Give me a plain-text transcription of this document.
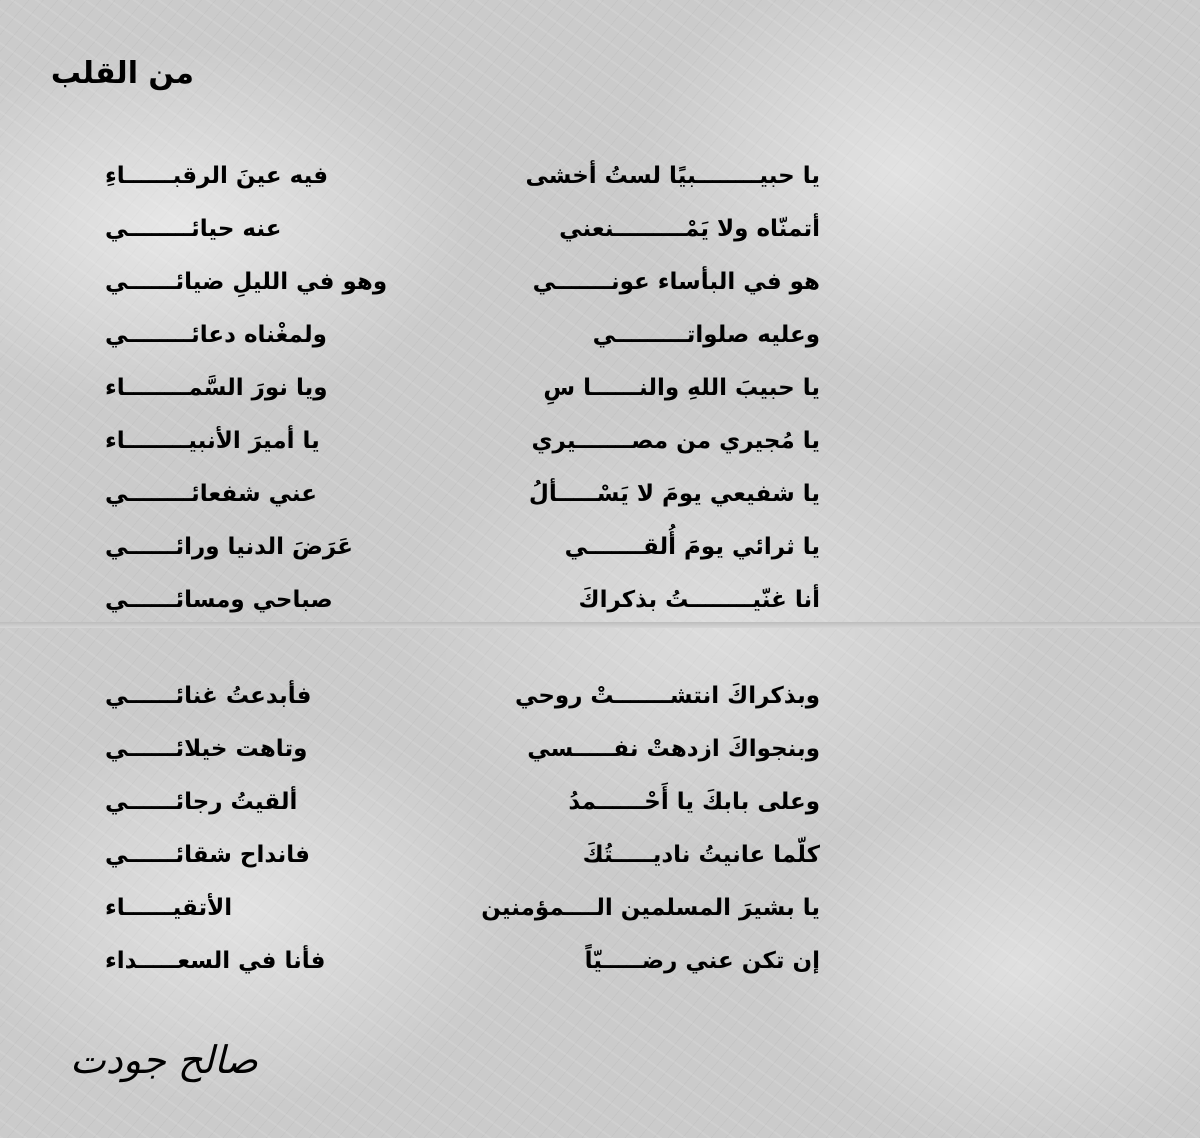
من القلب
يا حبيــــــــبيًا لستُ أخشى
فيه عينَ الرقبــــــاءِ
أتمنّاه ولا يَمْـــــــــنعني
عنه حيائــــــــي
هو في البأساء عونـــــــي
وهو في الليلِ ضيائــــــي
وعليه صلواتـــــــــي
ولمغْناه دعائــــــــي
يا حبيبَ اللهِ والنــــــا سِ
ويا نورَ السَّمــــــــاء
يا مُجيري من مصـــــــيري
يا أميرَ الأنبيــــــــاء
يا شفيعي يومَ لا يَسْـــــألُ
عني شفعائــــــــي
يا ثرائي يومَ أُلقـــــــي
عَرَضَ الدنيا ورائــــــي
أنا غنّيــــــــتُ بذكراكَ
صباحي ومسائــــــي
وبذكراكَ انتشـــــــتْ روحي
فأبدعتُ غنائــــــي
وبنجواكَ ازدهتْ نفـــــسي
وتاهت خيلائــــــي
وعلى بابكَ يا أَحْــــــمدُ
ألقيتُ رجائــــــي
كلّما عانيتُ ناديـــــتُكَ
فانداح شقائــــــي
يا بشيرَ المسلمين الــــمؤمنين
الأتقيــــــاء
إن تكن عني رضـــــيّاً
فأنا في السعـــــداء
صالح جودت
